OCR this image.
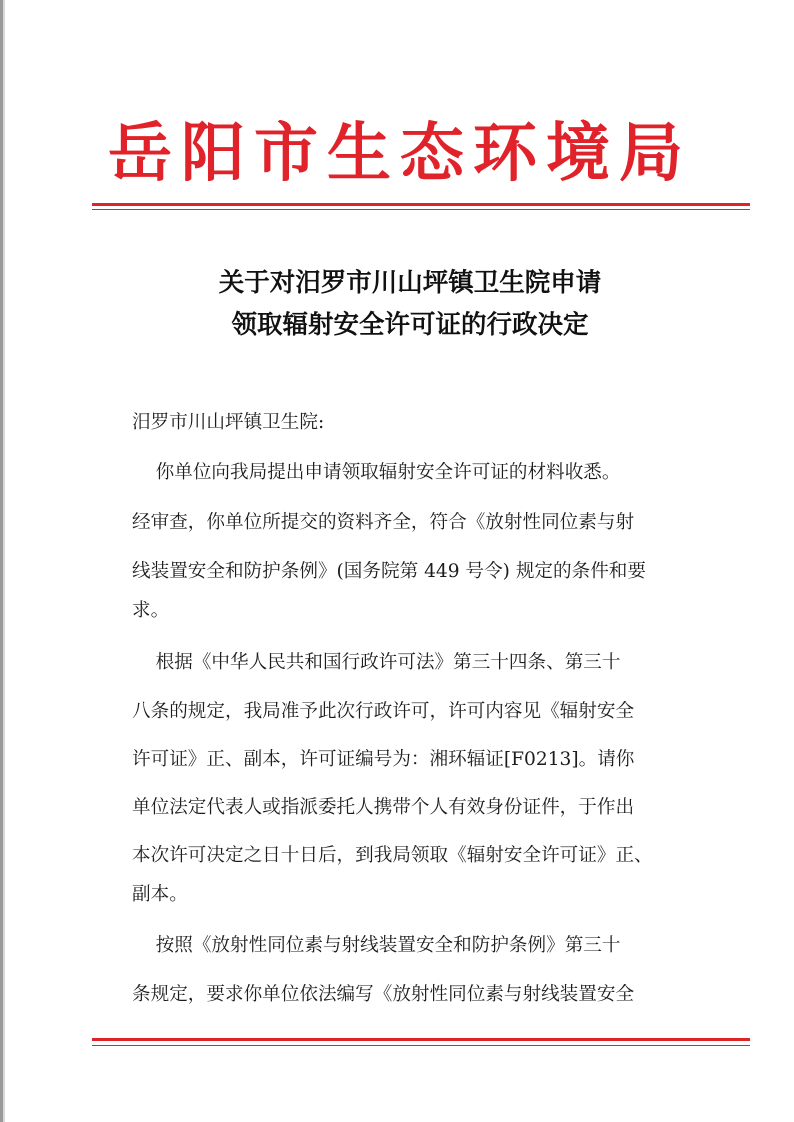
岳阳市生态环境局
关于对汨罗市川山坪镇卫生院申请
领取辐射安全许可证的行政决定
汨罗市川山坪镇卫生院:
你单位向我局提出申请领取辐射安全许可证的材料收悉。
经审查，你单位所提交的资料齐全，符合《放射性同位素与射
线装置安全和防护条例》(国务院第 449 号令) 规定的条件和要
求。
根据《中华人民共和国行政许可法》第三十四条、第三十
八条的规定，我局准予此次行政许可，许可内容见《辐射安全
许可证》正、副本，许可证编号为：湘环辐证[F0213]。请你
单位法定代表人或指派委托人携带个人有效身份证件，于作出
本次许可决定之日十日后，到我局领取《辐射安全许可证》正、
副本。
按照《放射性同位素与射线装置安全和防护条例》第三十
条规定，要求你单位依法编写《放射性同位素与射线装置安全
